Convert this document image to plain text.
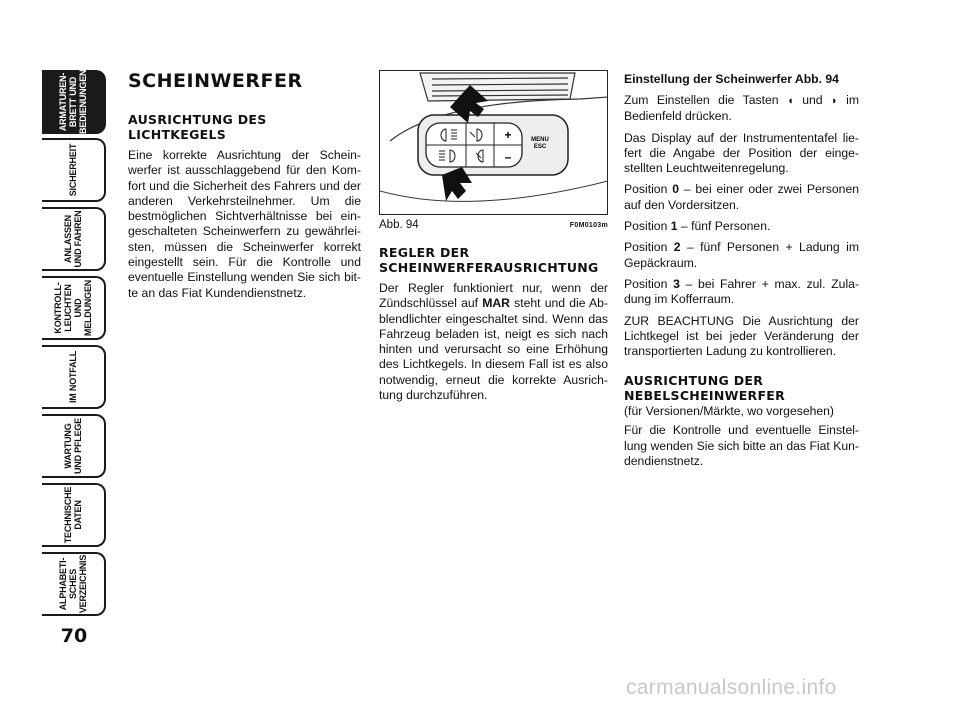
ARMATUREN-
BRETT UND
BEDIENUNGEN
SICHERHEIT
ANLASSEN
UND FAHREN
KONTROLL-
LEUCHTEN UND
MELDUNGEN
IM NOTFALL
WARTUNG
UND PFLEGE
TECHNISCHE
DATEN
ALPHABETI-
SCHES
VERZEICHNIS
70
SCHEINWERFER
AUSRICHTUNG DES LICHTKEGELS

Eine korrekte Ausrichtung der Schein- werfer ist ausschlaggebend für den Kom- fort und die Sicherheit des Fahrers und der anderen Verkehrsteilnehmer. Um die bestmöglichen Sichtverhältnisse bei ein- geschalteten Scheinwerfern zu gewährlei- sten, müssen die Scheinwerfer korrekt eingestellt sein. Für die Kontrolle und eventuelle Einstellung wenden Sie sich bit- te an das Fiat Kundendienstnetz.

+
–
MENU
ESC
Abb. 94	F0M0103m
REGLER DER SCHEINWERFERAUSRICHTUNG

Der Regler funktioniert nur, wenn der Zündschlüssel auf MAR steht und die Ab- blendlichter eingeschaltet sind. Wenn das Fahrzeug beladen ist, neigt es sich nach hinten und verursacht so eine Erhöhung des Lichtkegels. In diesem Fall ist es also notwendig, erneut die korrekte Ausrich- tung durchzuführen.

Einstellung der Scheinwerfer Abb. 94

Zum Einstellen die Tasten ◖ und ◗ im Bedienfeld drücken.

Das Display auf der Instrumententafel lie- fert die Angabe der Position der einge- stellten Leuchtweitenregelung.

Position 0 – bei einer oder zwei Personen auf den Vordersitzen.

Position 1 – fünf Personen.

Position 2 – fünf Personen + Ladung im Gepäckraum.

Position 3 – bei Fahrer + max. zul. Zula- dung im Kofferraum.

ZUR BEACHTUNG Die Ausrichtung der Lichtkegel ist bei jeder Veränderung der transportierten Ladung zu kontrollieren.

AUSRICHTUNG DER NEBELSCHEINWERFER
(für Versionen/Märkte, wo vorgesehen)

Für die Kontrolle und eventuelle Einstel- lung wenden Sie sich bitte an das Fiat Kun- dendienstnetz.

carmanualsonline.info
